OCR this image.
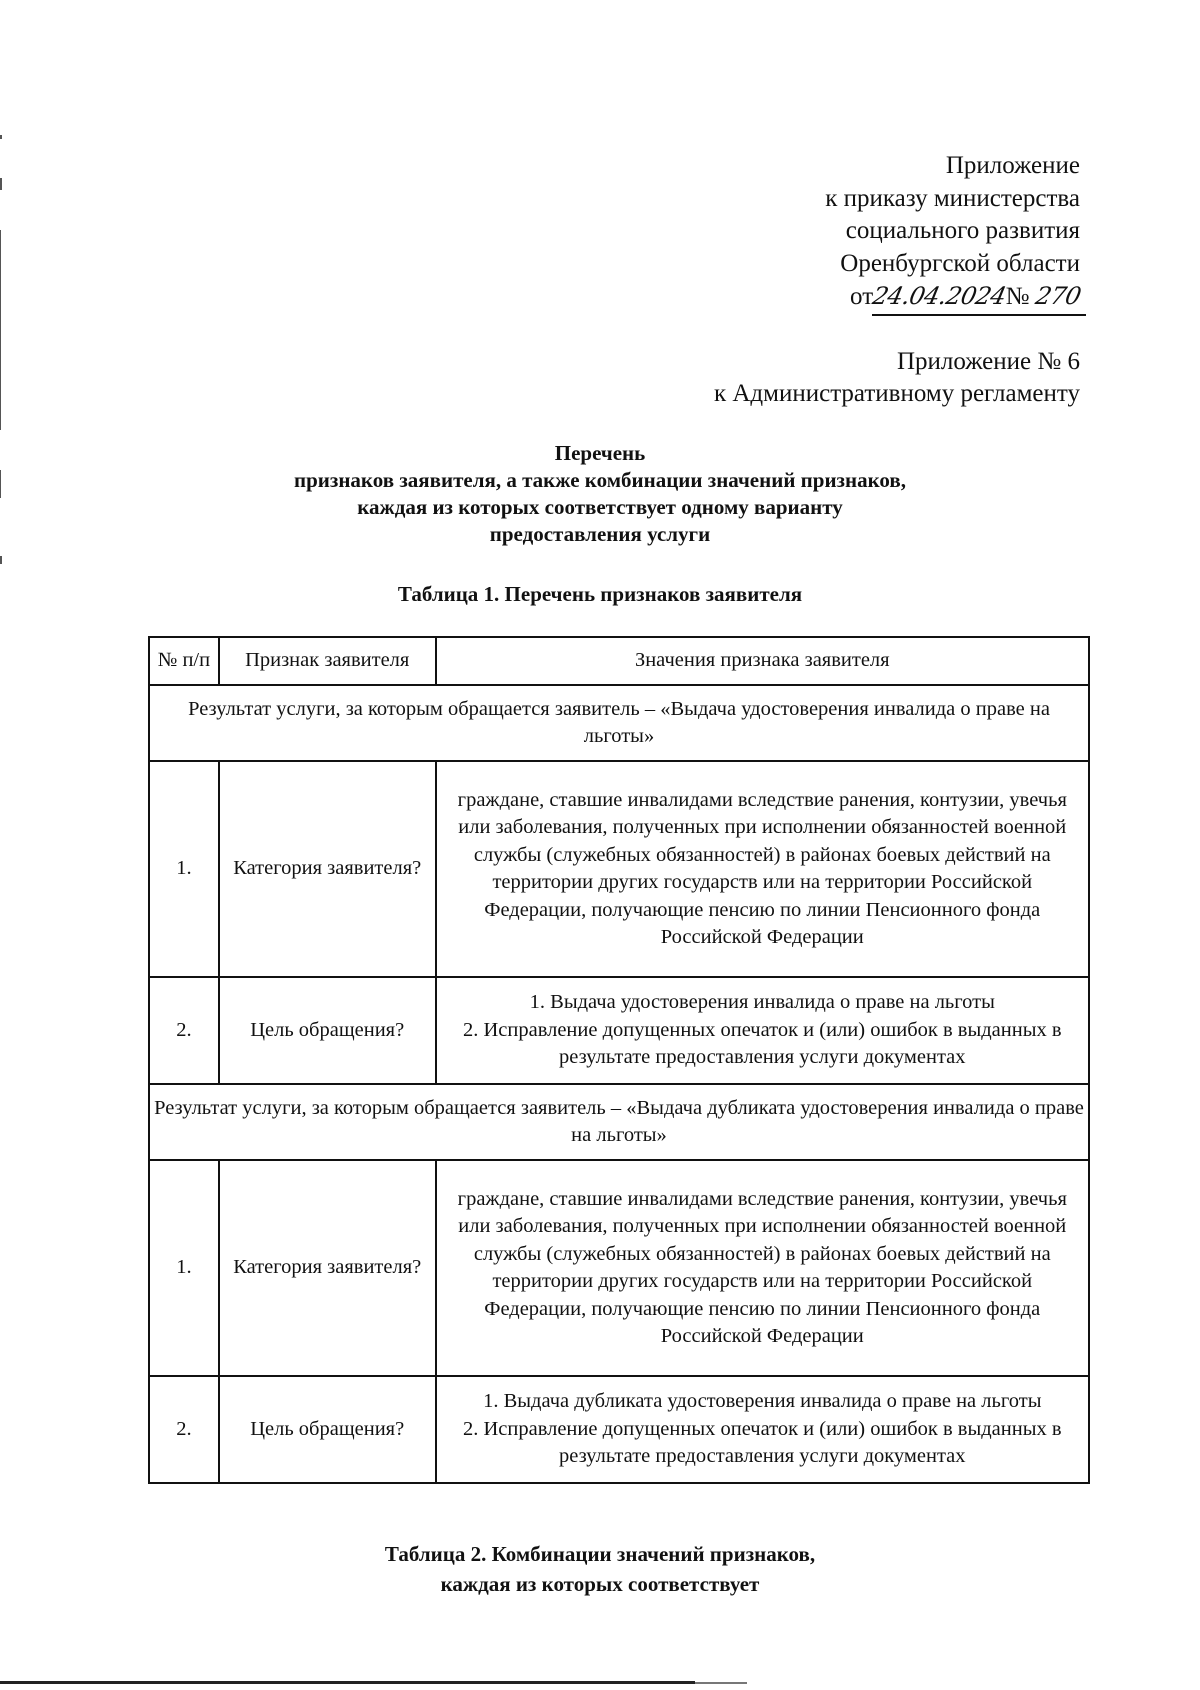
Приложение
к приказу министерства
социального развития
Оренбургской области
от24.04.2024№ 270
Приложение № 6
к Административному регламенту
Перечень
признаков заявителя, а также комбинации значений признаков,
каждая из которых соответствует одному варианту
предоставления услуги
Таблица 1. Перечень признаков заявителя
№ п/п	Признак заявителя	Значения признака заявителя
Результат услуги, за которым обращается заявитель – «Выдача удостоверения инвалида о праве на льготы»		
1.	Категория заявителя?	граждане, ставшие инвалидами вследствие ранения, контузии, увечья или заболевания, полученных при исполнении обязанностей военной службы (служебных обязанностей) в районах боевых действий на территории других государств или на территории Российской Федерации, получающие пенсию по линии Пенсионного фонда Российской Федерации

2.	Цель обращения?	1. Выдача удостоверения инвалида о праве на льготы
2. Исправление допущенных опечаток и (или) ошибок в выданных в результате предоставления услуги документах

Результат услуги, за которым обращается заявитель – «Выдача дубликата удостоверения инвалида о праве на льготы»		
1.	Категория заявителя?	граждане, ставшие инвалидами вследствие ранения, контузии, увечья или заболевания, полученных при исполнении обязанностей военной службы (служебных обязанностей) в районах боевых действий на территории других государств или на территории Российской Федерации, получающие пенсию по линии Пенсионного фонда Российской Федерации

2.	Цель обращения?	1. Выдача дубликата удостоверения инвалида о праве на льготы
2. Исправление допущенных опечаток и (или) ошибок в выданных в результате предоставления услуги документах
Таблица 2. Комбинации значений признаков,
каждая из которых соответствует
